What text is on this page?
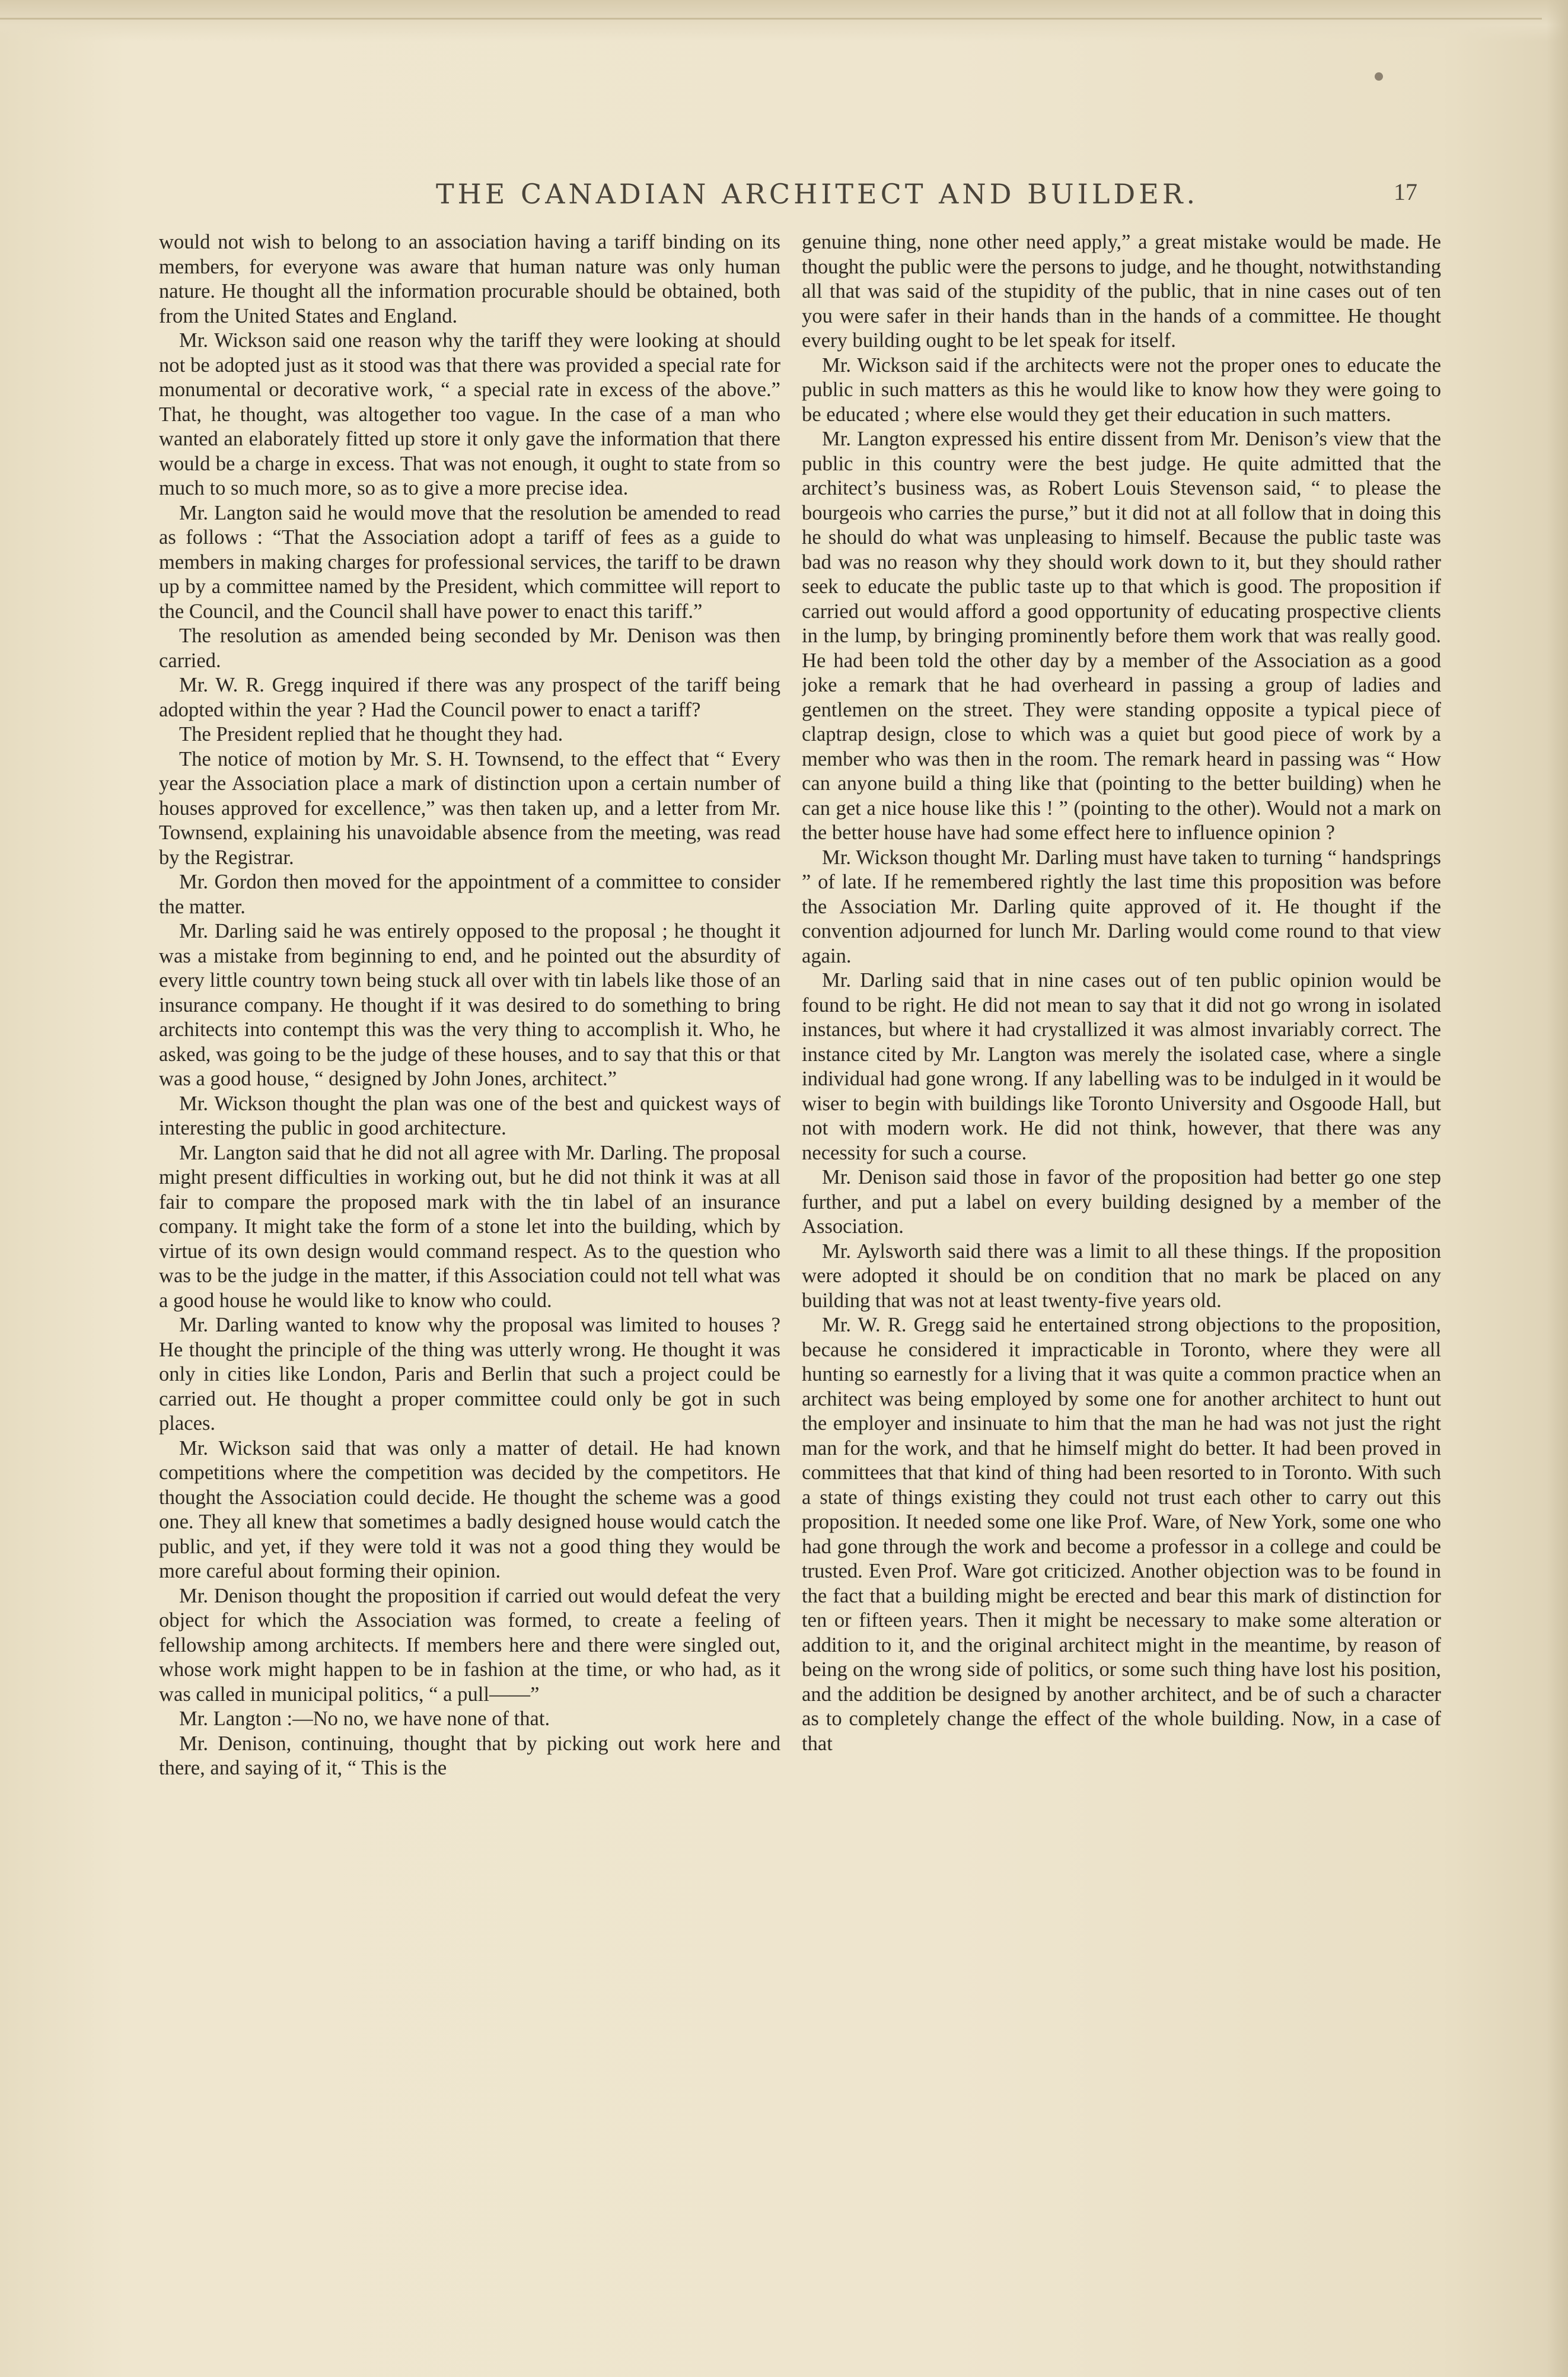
THE CANADIAN ARCHITECT AND BUILDER.	17

would not wish to belong to an association having a tariff binding on its members, for everyone was aware that human nature was only human nature. He thought all the information procurable should be obtained, both from the United States and England.

Mr. Wickson said one reason why the tariff they were looking at should not be adopted just as it stood was that there was provided a special rate for monumental or decorative work, “ a special rate in excess of the above.” That, he thought, was altogether too vague. In the case of a man who wanted an elaborately fitted up store it only gave the information that there would be a charge in excess. That was not enough, it ought to state from so much to so much more, so as to give a more precise idea.

Mr. Langton said he would move that the resolution be amended to read as follows : “That the Association adopt a tariff of fees as a guide to members in making charges for professional services, the tariff to be drawn up by a committee named by the President, which committee will report to the Council, and the Council shall have power to enact this tariff.”

The resolution as amended being seconded by Mr. Denison was then carried.

Mr. W. R. Gregg inquired if there was any prospect of the tariff being adopted within the year ? Had the Council power to enact a tariff?

The President replied that he thought they had.

The notice of motion by Mr. S. H. Townsend, to the effect that “ Every year the Association place a mark of distinction upon a certain number of houses approved for excellence,” was then taken up, and a letter from Mr. Townsend, explaining his unavoidable absence from the meeting, was read by the Registrar.

Mr. Gordon then moved for the appointment of a committee to consider the matter.

Mr. Darling said he was entirely opposed to the proposal ; he thought it was a mistake from beginning to end, and he pointed out the absurdity of every little country town being stuck all over with tin labels like those of an insurance company. He thought if it was desired to do something to bring architects into contempt this was the very thing to accomplish it. Who, he asked, was going to be the judge of these houses, and to say that this or that was a good house, “ designed by John Jones, architect.”

Mr. Wickson thought the plan was one of the best and quickest ways of interesting the public in good architecture.

Mr. Langton said that he did not all agree with Mr. Darling. The proposal might present difficulties in working out, but he did not think it was at all fair to compare the proposed mark with the tin label of an insurance company. It might take the form of a stone let into the building, which by virtue of its own design would command respect. As to the question who was to be the judge in the matter, if this Association could not tell what was a good house he would like to know who could.

Mr. Darling wanted to know why the proposal was limited to houses ? He thought the principle of the thing was utterly wrong. He thought it was only in cities like London, Paris and Berlin that such a project could be carried out. He thought a proper committee could only be got in such places.

Mr. Wickson said that was only a matter of detail. He had known competitions where the competition was decided by the competitors. He thought the Association could decide. He thought the scheme was a good one. They all knew that sometimes a badly designed house would catch the public, and yet, if they were told it was not a good thing they would be more careful about forming their opinion.

Mr. Denison thought the proposition if carried out would defeat the very object for which the Association was formed, to create a feeling of fellowship among architects. If members here and there were singled out, whose work might happen to be in fashion at the time, or who had, as it was called in municipal politics, “ a pull——”

Mr. Langton :—No no, we have none of that.

Mr. Denison, continuing, thought that by picking out work here and there, and saying of it, “ This is the

genuine thing, none other need apply,” a great mistake would be made. He thought the public were the persons to judge, and he thought, notwithstanding all that was said of the stupidity of the public, that in nine cases out of ten you were safer in their hands than in the hands of a committee. He thought every building ought to be let speak for itself.

Mr. Wickson said if the architects were not the proper ones to educate the public in such matters as this he would like to know how they were going to be educated ; where else would they get their education in such matters.

Mr. Langton expressed his entire dissent from Mr. Denison’s view that the public in this country were the best judge. He quite admitted that the architect’s business was, as Robert Louis Stevenson said, “ to please the bourgeois who carries the purse,” but it did not at all follow that in doing this he should do what was unpleasing to himself. Because the public taste was bad was no reason why they should work down to it, but they should rather seek to educate the public taste up to that which is good. The proposition if carried out would afford a good opportunity of educating prospective clients in the lump, by bringing prominently before them work that was really good. He had been told the other day by a member of the Association as a good joke a remark that he had overheard in passing a group of ladies and gentlemen on the street. They were standing opposite a typical piece of claptrap design, close to which was a quiet but good piece of work by a member who was then in the room. The remark heard in passing was “ How can anyone build a thing like that (pointing to the better building) when he can get a nice house like this ! ” (pointing to the other). Would not a mark on the better house have had some effect here to influence opinion ?

Mr. Wickson thought Mr. Darling must have taken to turning “ handsprings ” of late. If he remembered rightly the last time this proposition was before the Association Mr. Darling quite approved of it. He thought if the convention adjourned for lunch Mr. Darling would come round to that view again.

Mr. Darling said that in nine cases out of ten public opinion would be found to be right. He did not mean to say that it did not go wrong in isolated instances, but where it had crystallized it was almost invariably correct. The instance cited by Mr. Langton was merely the isolated case, where a single individual had gone wrong. If any labelling was to be indulged in it would be wiser to begin with buildings like Toronto University and Osgoode Hall, but not with modern work. He did not think, however, that there was any necessity for such a course.

Mr. Denison said those in favor of the proposition had better go one step further, and put a label on every building designed by a member of the Association.

Mr. Aylsworth said there was a limit to all these things. If the proposition were adopted it should be on condition that no mark be placed on any building that was not at least twenty-five years old.

Mr. W. R. Gregg said he entertained strong objections to the proposition, because he considered it impracticable in Toronto, where they were all hunting so earnestly for a living that it was quite a common practice when an architect was being employed by some one for another architect to hunt out the employer and insinuate to him that the man he had was not just the right man for the work, and that he himself might do better. It had been proved in committees that that kind of thing had been resorted to in Toronto. With such a state of things existing they could not trust each other to carry out this proposition. It needed some one like Prof. Ware, of New York, some one who had gone through the work and become a professor in a college and could be trusted. Even Prof. Ware got criticized. Another objection was to be found in the fact that a building might be erected and bear this mark of distinction for ten or fifteen years. Then it might be necessary to make some alteration or addition to it, and the original architect might in the meantime, by reason of being on the wrong side of politics, or some such thing have lost his position, and the addition be designed by another architect, and be of such a character as to completely change the effect of the whole building. Now, in a case of that
